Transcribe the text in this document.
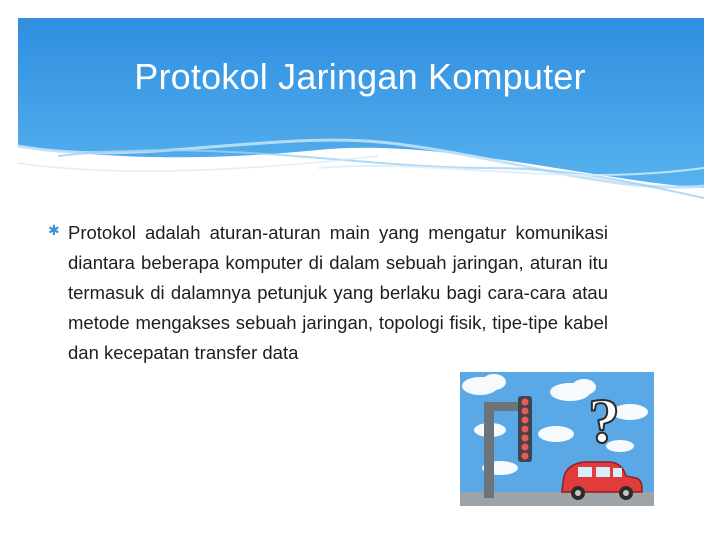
Protokol Jaringan Komputer
✱ Protokol adalah aturan-aturan main yang mengatur komunikasi diantara beberapa komputer di dalam sebuah jaringan, aturan itu termasuk di dalamnya petunjuk yang berlaku bagi cara-cara atau metode mengakses sebuah jaringan, topologi fisik, tipe-tipe kabel dan kecepatan transfer data
?
